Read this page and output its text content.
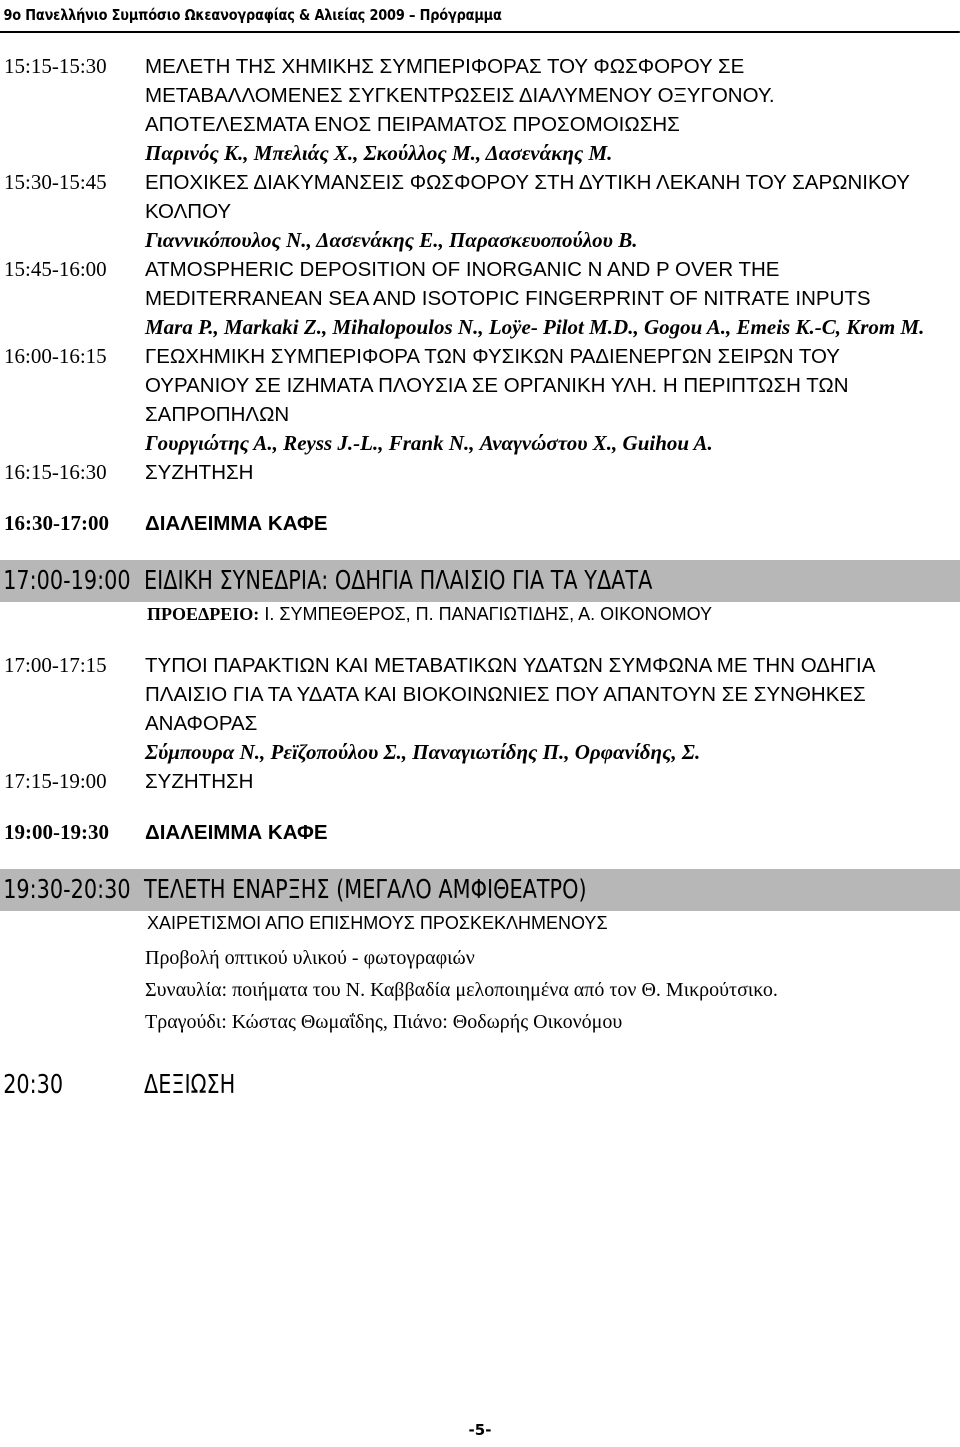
9ο Πανελλήνιο Συμπόσιο Ωκεανογραφίας & Αλιείας 2009 – Πρόγραμμα
15:15-15:30 ΜΕΛΕΤΗ ΤΗΣ ΧΗΜΙΚΗΣ ΣΥΜΠΕΡΙΦΟΡΑΣ ΤΟΥ ΦΩΣΦΟΡΟΥ ΣΕ ΜΕΤΑΒΑΛΛΟΜΕΝΕΣ ΣΥΓΚΕΝΤΡΩΣΕΙΣ ΔΙΑΛΥΜΕΝΟΥ ΟΞΥΓΟΝΟΥ. ΑΠΟΤΕΛΕΣΜΑΤΑ ΕΝΟΣ ΠΕΙΡΑΜΑΤΟΣ ΠΡΟΣΟΜΟΙΩΣΗΣ
Παρινός Κ., Μπελιάς Χ., Σκούλλος Μ., Δασενάκης Μ.
15:30-15:45 ΕΠΟΧΙΚΕΣ ΔΙΑΚΥΜΑΝΣΕΙΣ ΦΩΣΦΟΡΟΥ ΣΤΗ ΔΥΤΙΚΗ ΛΕΚΑΝΗ ΤΟΥ ΣΑΡΩΝΙΚΟΥ ΚΟΛΠΟΥ
Γιαννικόπουλος Ν., Δασενάκης Ε., Παρασκευοπούλου Β.
15:45-16:00 ATMOSPHERIC DEPOSITION OF INORGANIC N AND P OVER THE MEDITERRANEAN SEA AND ISOTOPIC FINGERPRINT OF NITRATE INPUTS
Mara P., Markaki Z., Mihalopoulos N., Loÿe- Pilot M.D., Gogou A., Emeis K.-C, Krom M.
16:00-16:15 ΓΕΩΧΗΜΙΚΗ ΣΥΜΠΕΡΙΦΟΡΑ ΤΩΝ ΦΥΣΙΚΩΝ ΡΑΔΙΕΝΕΡΓΩΝ ΣΕΙΡΩΝ ΤΟΥ ΟΥΡΑΝΙΟΥ ΣΕ ΙΖΗΜΑΤΑ ΠΛΟΥΣΙΑ ΣΕ ΟΡΓΑΝΙΚΗ ΥΛΗ. Η ΠΕΡΙΠΤΩΣΗ ΤΩΝ ΣΑΠΡΟΠΗΛΩΝ
Γουργιώτης Α., Reyss J.-L., Frank N., Αναγνώστου Χ., Guihou A.
16:15-16:30 ΣΥΖΗΤΗΣΗ
16:30-17:00 ΔΙΑΛΕΙΜΜΑ ΚΑΦΕ
17:00-19:00 ΕΙΔΙΚΗ ΣΥΝΕΔΡΙΑ: ΟΔΗΓΙΑ ΠΛΑΙΣΙΟ ΓΙΑ ΤΑ ΥΔΑΤΑ
ΠΡΟΕΔΡΕΙΟ: Ι. ΣΥΜΠΕΘΕΡΟΣ, Π. ΠΑΝΑΓΙΩΤΙΔΗΣ, Α. ΟΙΚΟΝΟΜΟΥ
17:00-17:15 ΤΥΠΟΙ ΠΑΡΑΚΤΙΩΝ ΚΑΙ ΜΕΤΑΒΑΤΙΚΩΝ ΥΔΑΤΩΝ ΣΥΜΦΩΝΑ ΜΕ ΤΗΝ ΟΔΗΓΙΑ ΠΛΑΙΣΙΟ ΓΙΑ ΤΑ ΥΔΑΤΑ ΚΑΙ ΒΙΟΚΟΙΝΩΝΙΕΣ ΠΟΥ ΑΠΑΝΤΟΥΝ ΣΕ ΣΥΝΘΗΚΕΣ ΑΝΑΦΟΡΑΣ
Σύμπουρα Ν., Ρεϊζοπούλου Σ., Παναγιωτίδης Π., Ορφανίδης, Σ.
17:15-19:00 ΣΥΖΗΤΗΣΗ
19:00-19:30 ΔΙΑΛΕΙΜΜΑ ΚΑΦΕ
19:30-20:30 ΤΕΛΕΤΗ ΕΝΑΡΞΗΣ (ΜΕΓΑΛΟ ΑΜΦΙΘΕΑΤΡΟ)
ΧΑΙΡΕΤΙΣΜΟΙ ΑΠΟ ΕΠΙΣΗΜΟΥΣ ΠΡΟΣΚΕΚΛΗΜΕΝΟΥΣ
Προβολή οπτικού υλικού - φωτογραφιών
Συναυλία: ποιήματα του Ν. Καββαδία μελοποιημένα από τον Θ. Μικρούτσικο.
Τραγούδι: Κώστας Θωμαΐδης, Πιάνο: Θοδωρής Οικονόμου
20:30	ΔΕΞΙΩΣΗ
-5-
